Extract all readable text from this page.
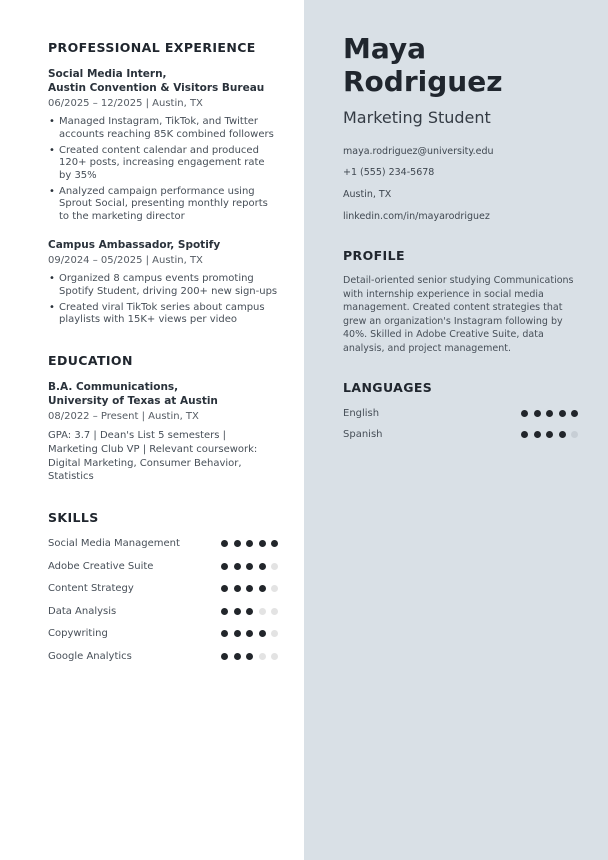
PROFESSIONAL EXPERIENCE
Social Media Intern,
Austin Convention & Visitors Bureau
06/2025 – 12/2025 | Austin, TX
• Managed Instagram, TikTok, and Twitter accounts reaching 85K combined followers
• Created content calendar and produced 120+ posts, increasing engagement rate by 35%
• Analyzed campaign performance using Sprout Social, presenting monthly reports to the marketing director
Campus Ambassador, Spotify
09/2024 – 05/2025 | Austin, TX
• Organized 8 campus events promoting Spotify Student, driving 200+ new sign-ups
• Created viral TikTok series about campus playlists with 15K+ views per video
EDUCATION
B.A. Communications,
University of Texas at Austin
08/2022 – Present | Austin, TX
GPA: 3.7 | Dean's List 5 semesters | Marketing Club VP | Relevant coursework: Digital Marketing, Consumer Behavior, Statistics
SKILLS
Social Media Management
Adobe Creative Suite
Content Strategy
Data Analysis
Copywriting
Google Analytics
Maya Rodriguez

Marketing Student

maya.rodriguez@university.edu
+1 (555) 234-5678
Austin, TX
linkedin.com/in/mayarodriguez
PROFILE

Detail-oriented senior studying Communications with internship experience in social media management. Created content strategies that grew an organization's Instagram following by 40%. Skilled in Adobe Creative Suite, data analysis, and project management.

LANGUAGES
English
Spanish
